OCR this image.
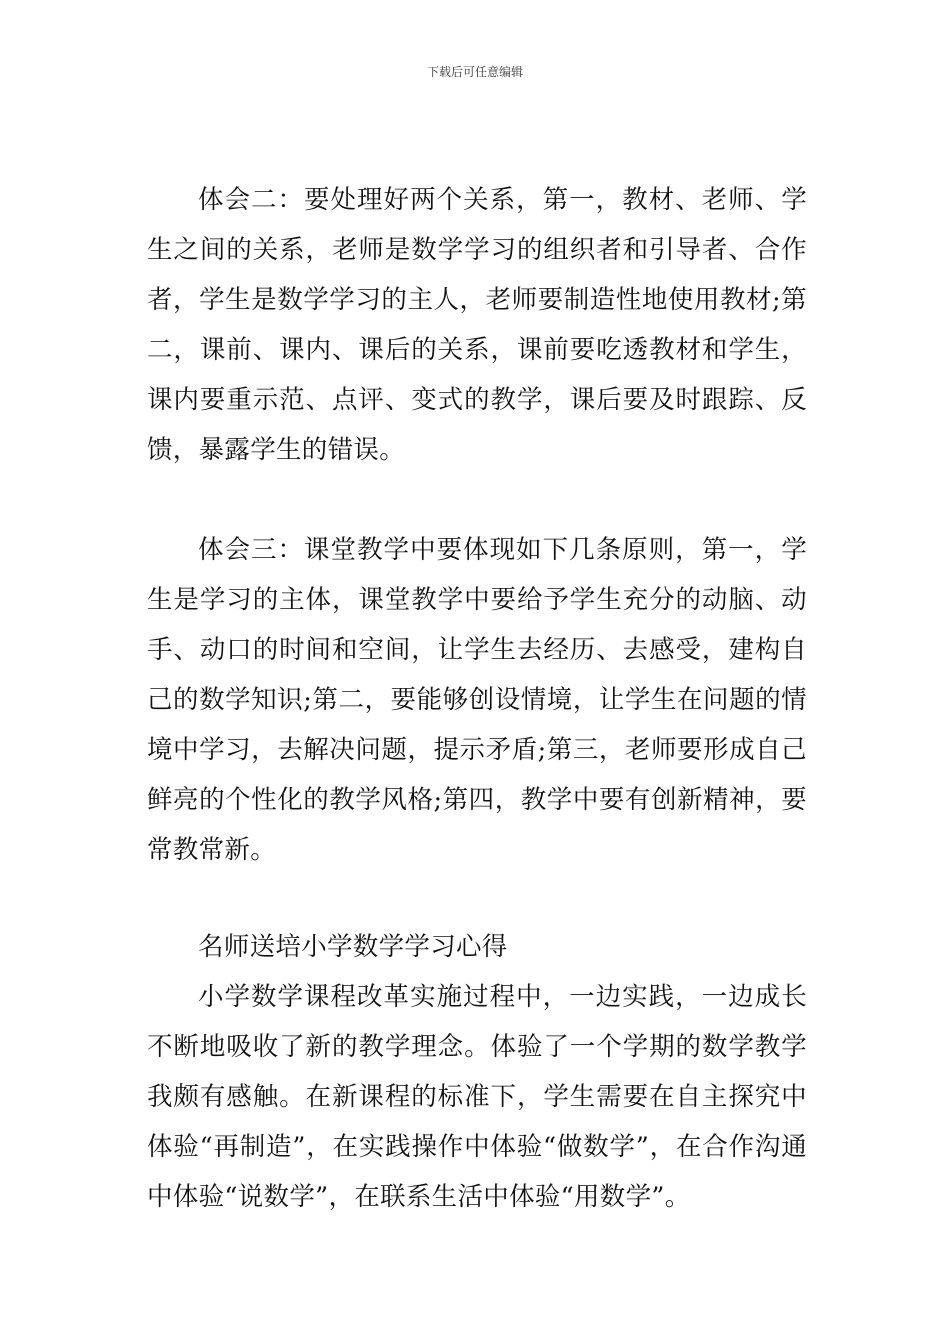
下载后可任意编辑

体会二：要处理好两个关系，第一，教材、老师、学生之间的关系，老师是数学学习的组织者和引导者、合作者，学生是数学学习的主人，老师要制造性地使用教材;第二，课前、课内、课后的关系，课前要吃透教材和学生，课内要重示范、点评、变式的教学，课后要及时跟踪、反馈，暴露学生的错误。

体会三：课堂教学中要体现如下几条原则，第一，学生是学习的主体，课堂教学中要给予学生充分的动脑、动手、动口的时间和空间，让学生去经历、去感受，建构自己的数学知识;第二，要能够创设情境，让学生在问题的情境中学习，去解决问题，提示矛盾;第三，老师要形成自己鲜亮的个性化的教学风格;第四，教学中要有创新精神，要常教常新。

名师送培小学数学学习心得

小学数学课程改革实施过程中，一边实践，一边成长不断地吸收了新的教学理念。体验了一个学期的数学教学我颇有感触。在新课程的标准下，学生需要在自主探究中体验“再制造”，在实践操作中体验“做数学”，在合作沟通中体验“说数学”，在联系生活中体验“用数学”。
